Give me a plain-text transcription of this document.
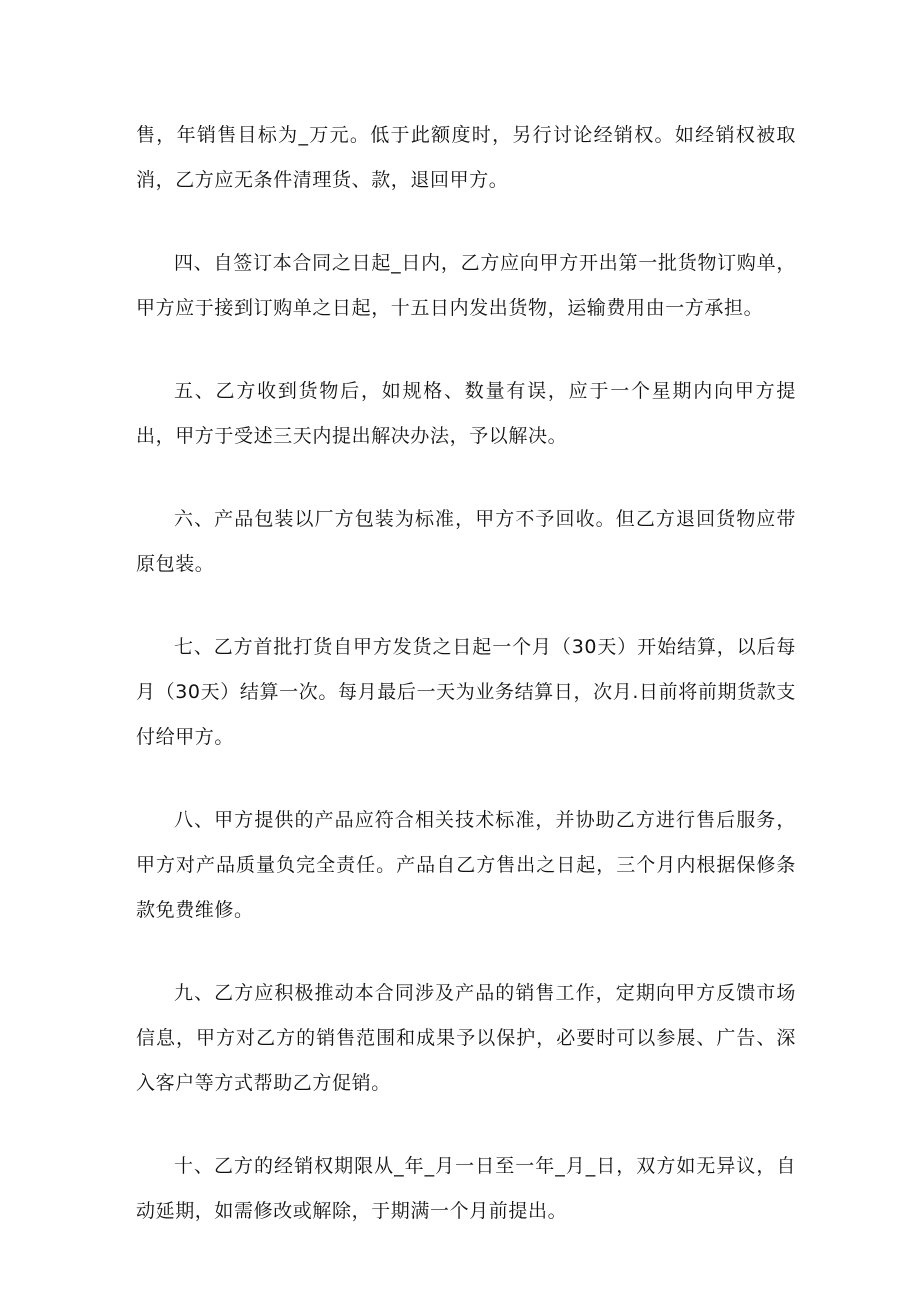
售，年销售目标为_万元。低于此额度时，另行讨论经销权。如经销权被取消，乙方应无条件清理货、款，退回甲方。

四、自签订本合同之日起_日内，乙方应向甲方开出第一批货物订购单，甲方应于接到订购单之日起，十五日内发出货物，运输费用由一方承担。

五、乙方收到货物后，如规格、数量有误，应于一个星期内向甲方提出，甲方于受述三天内提出解决办法，予以解决。

六、产品包装以厂方包装为标准，甲方不予回收。但乙方退回货物应带原包装。

七、乙方首批打货自甲方发货之日起一个月（30天）开始结算，以后每月（30天）结算一次。每月最后一天为业务结算日，次月.日前将前期货款支付给甲方。

八、甲方提供的产品应符合相关技术标准，并协助乙方进行售后服务，甲方对产品质量负完全责任。产品自乙方售出之日起，三个月内根据保修条款免费维修。

九、乙方应积极推动本合同涉及产品的销售工作，定期向甲方反馈市场信息，甲方对乙方的销售范围和成果予以保护，必要时可以参展、广告、深入客户等方式帮助乙方促销。

十、乙方的经销权期限从_年_月一日至一年_月_日，双方如无异议，自动延期，如需修改或解除，于期满一个月前提出。
